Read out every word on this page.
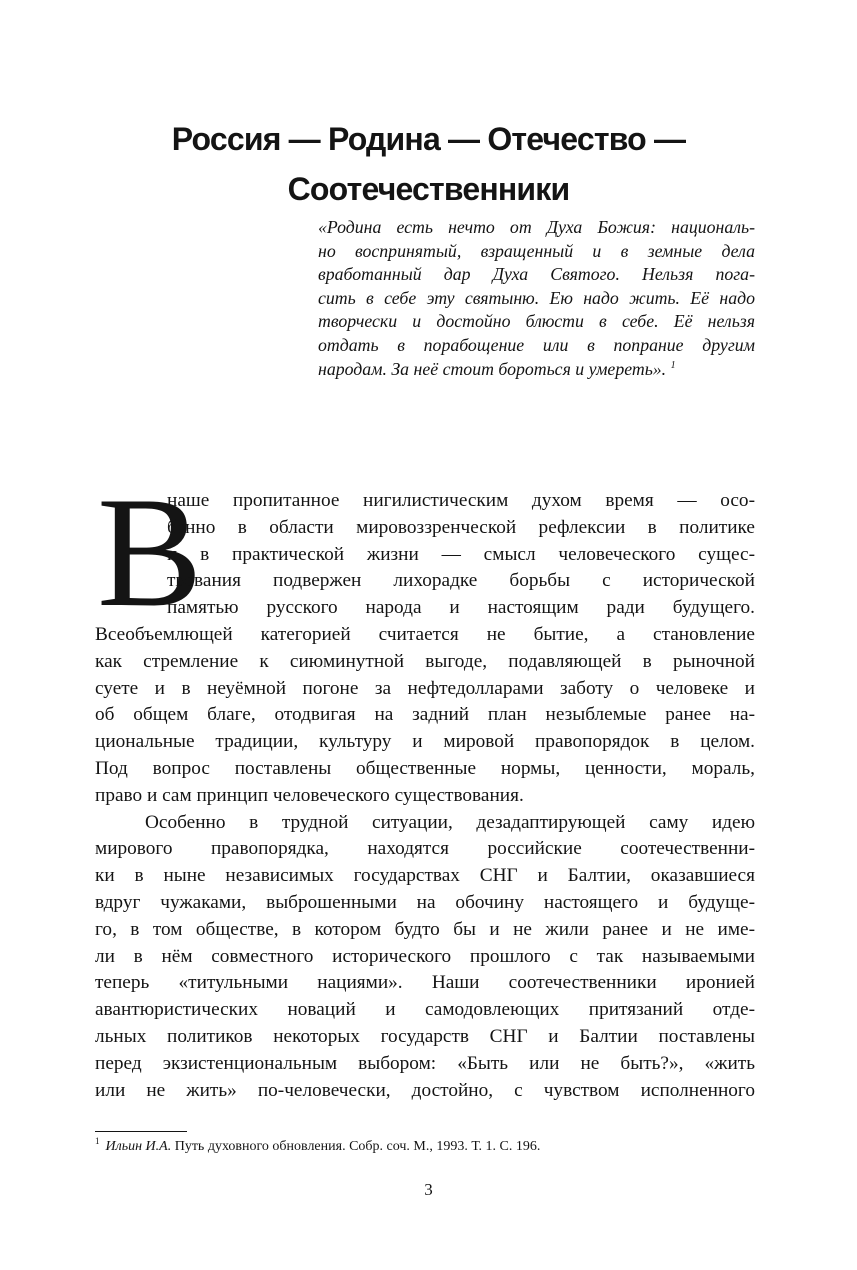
Россия — Родина — Отечество —
Соотечественники
«Родина есть нечто от Духа Божия: националь-
но воспринятый, взращенный и в земные дела
вработанный дар Духа Святого. Нельзя пога-
сить в себе эту святыню. Ею надо жить. Её надо
творчески и достойно блюсти в себе. Её нельзя
отдать в порабощение или в попрание другим
народам. За неё стоит бороться и умереть». $^1$
В
наше пропитанное нигилистическим духом время — осо-
бенно в области мировоззренческой рефлексии в политике
и в практической жизни — смысл человеческого сущес-
твования подвержен лихорадке борьбы с исторической
памятью русского народа и настоящим ради будущего.
Всеобъемлющей категорией считается не бытие, а становление
как стремление к сиюминутной выгоде, подавляющей в рыночной
суете и в неуёмной погоне за нефтедолларами заботу о человеке и
об общем благе, отодвигая на задний план незыблемые ранее на-
циональные традиции, культуру и мировой правопорядок в целом.
Под вопрос поставлены общественные нормы, ценности, мораль,
право и сам принцип человеческого существования.
Особенно в трудной ситуации, дезадаптирующей саму идею
мирового правопорядка, находятся российские соотечественни-
ки в ныне независимых государствах СНГ и Балтии, оказавшиеся
вдруг чужаками, выброшенными на обочину настоящего и будуще-
го, в том обществе, в котором будто бы и не жили ранее и не име-
ли в нём совместного исторического прошлого с так называемыми
теперь «титульными нациями». Наши соотечественники иронией
авантюристических новаций и самодовлеющих притязаний отде-
льных политиков некоторых государств СНГ и Балтии поставлены
перед экзистенциональным выбором: «Быть или не быть?», «жить
или не жить» по-человечески, достойно, с чувством исполненного

$^1$ Ильин И.А. Путь духовного обновления. Собр. соч. М., 1993. Т. 1. С. 196.

3
